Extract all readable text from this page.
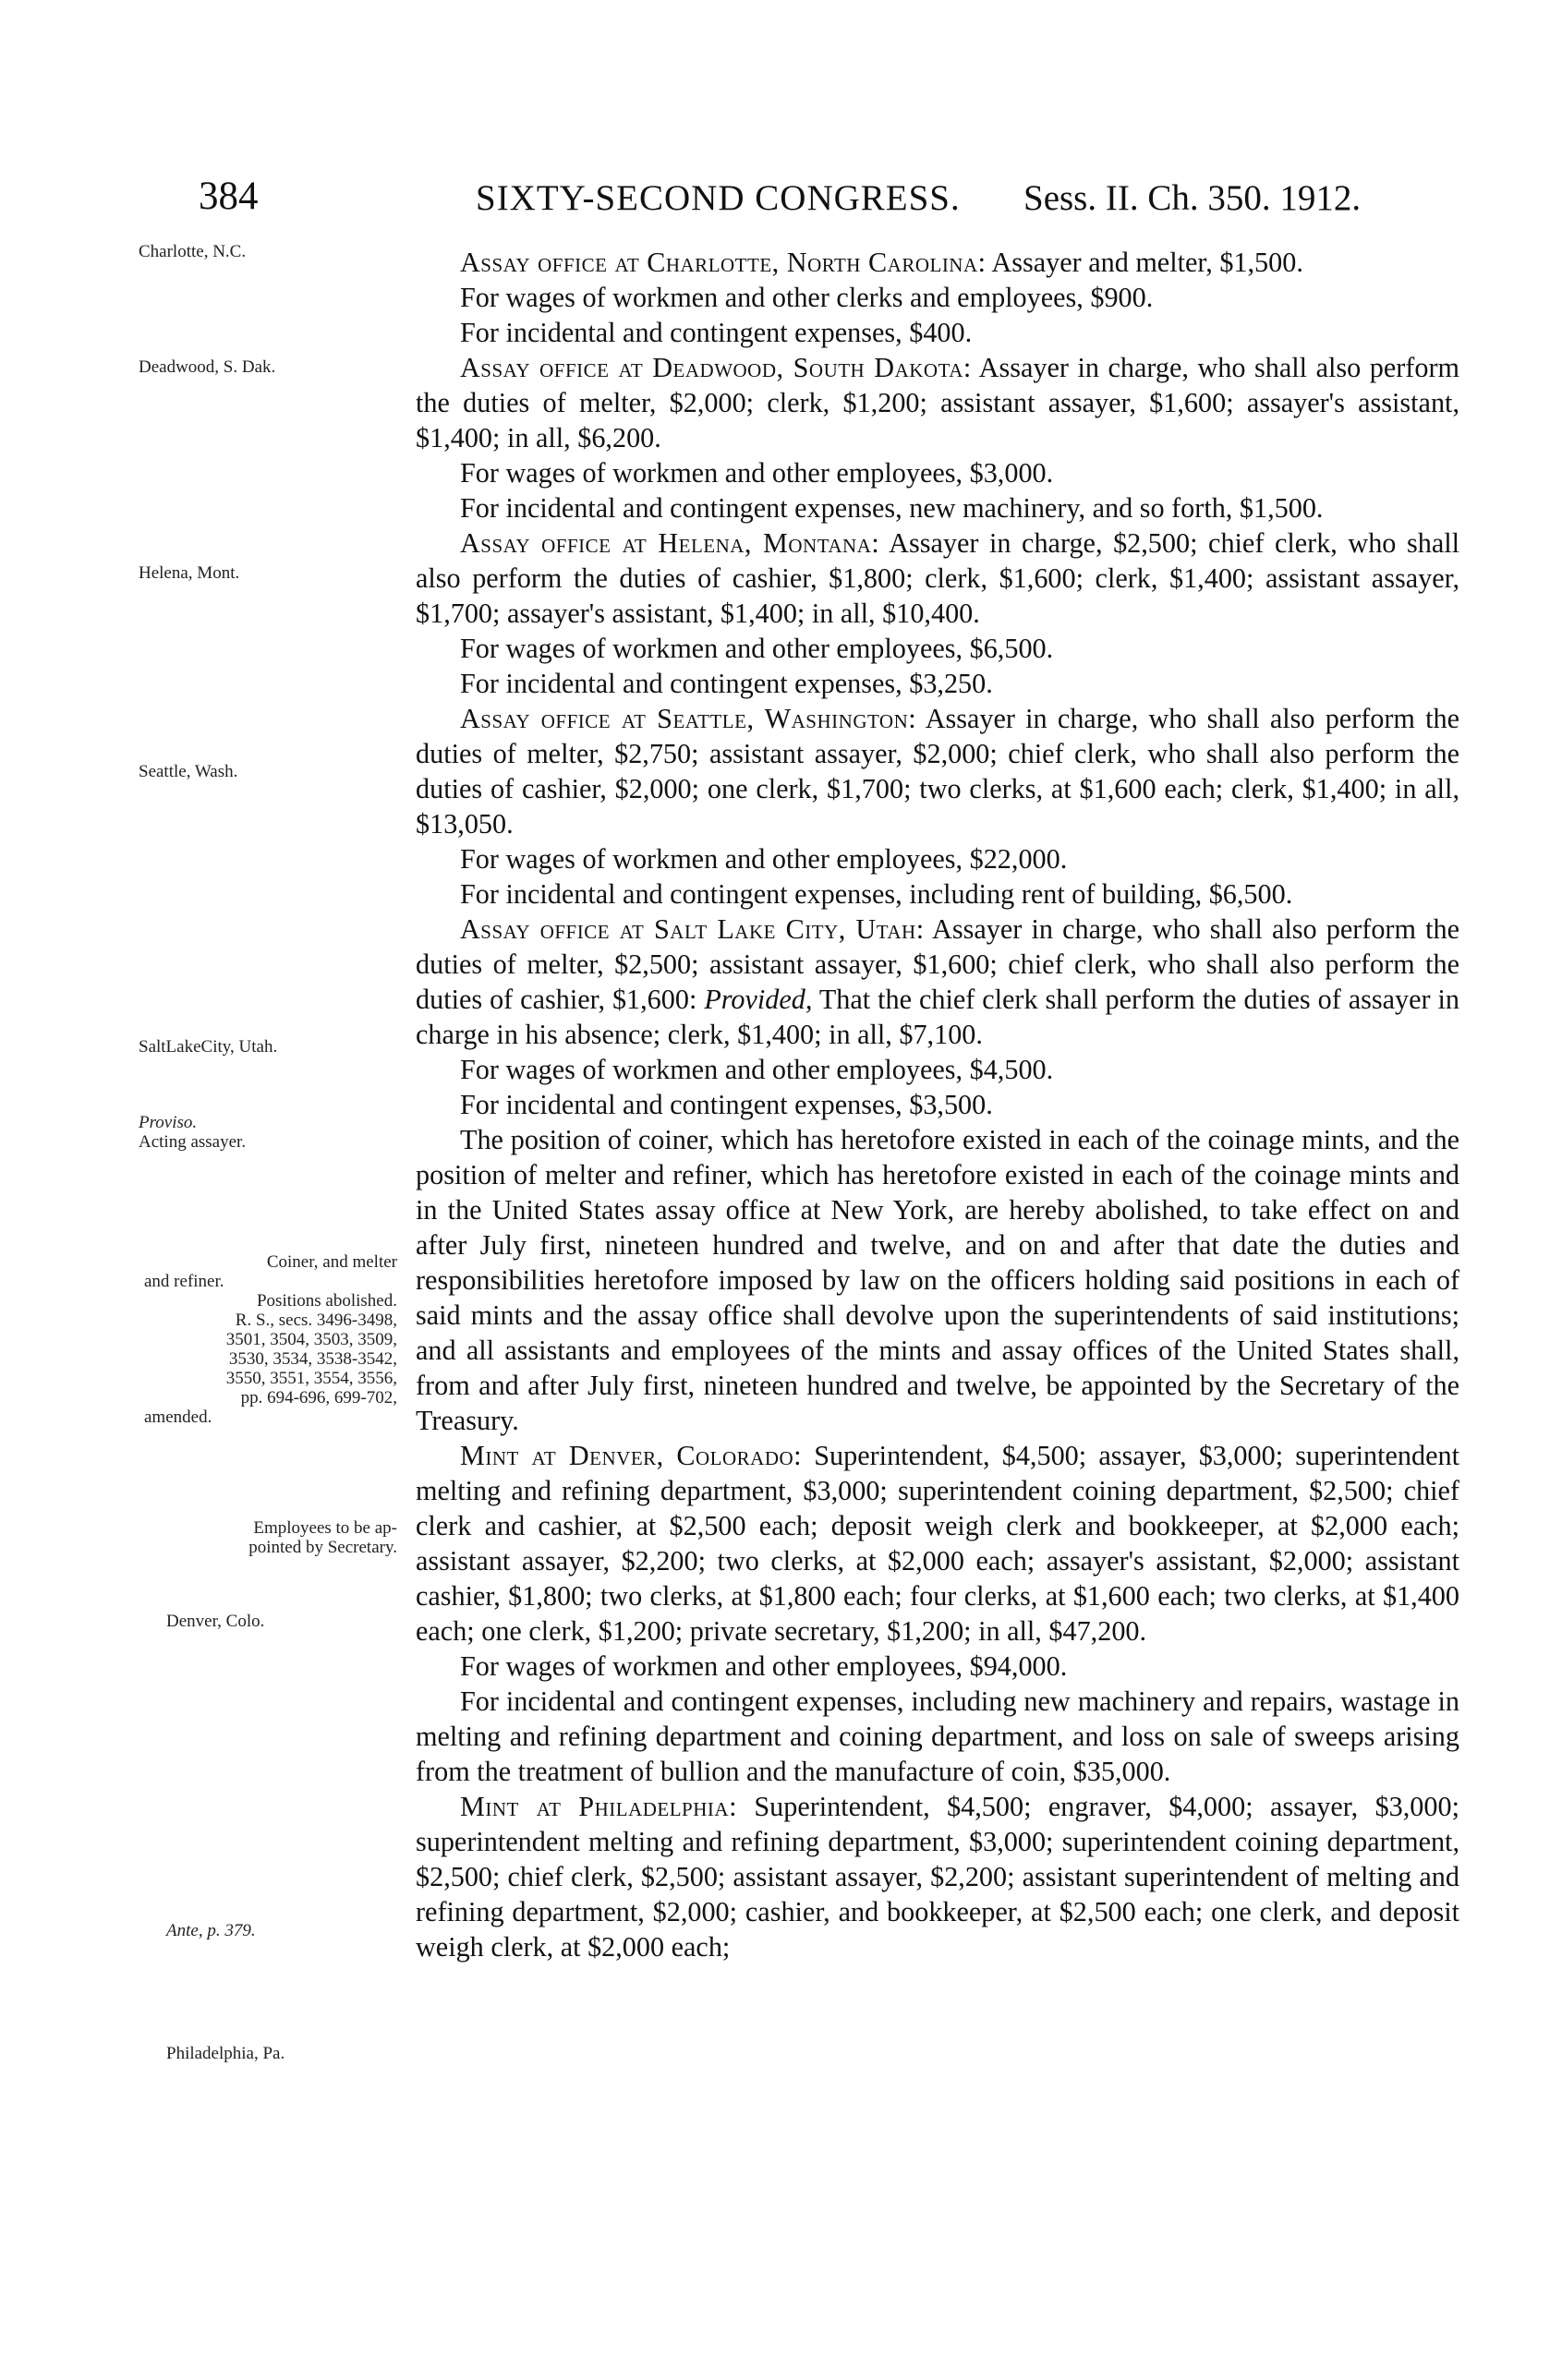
384	SIXTY-SECOND CONGRESS. Sess. II. Ch. 350. 1912.
Charlotte, N.C.
Deadwood, S. Dak.
Helena, Mont.
Seattle, Wash.
SaltLakeCity, Utah.
Proviso.
Acting assayer.
Coiner, and melter
and refiner.
Positions abolished.
R. S., secs. 3496-3498,
3501, 3504, 3503, 3509,
3530, 3534, 3538-3542,
3550, 3551, 3554, 3556,
pp. 694-696, 699-702,
amended.
Employees to be ap-
pointed by Secretary.
Denver, Colo.
Ante, p. 379.
Philadelphia, Pa.

Assay office at Charlotte, North Carolina: Assayer and melter, $1,500.

For wages of workmen and other clerks and employees, $900.

For incidental and contingent expenses, $400.

Assay office at Deadwood, South Dakota: Assayer in charge, who shall also perform the duties of melter, $2,000; clerk, $1,200; assistant assayer, $1,600; assayer's assistant, $1,400; in all, $6,200.

For wages of workmen and other employees, $3,000.

For incidental and contingent expenses, new machinery, and so forth, $1,500.

Assay office at Helena, Montana: Assayer in charge, $2,500; chief clerk, who shall also perform the duties of cashier, $1,800; clerk, $1,600; clerk, $1,400; assistant assayer, $1,700; assayer's assistant, $1,400; in all, $10,400.

For wages of workmen and other employees, $6,500.

For incidental and contingent expenses, $3,250.

Assay office at Seattle, Washington: Assayer in charge, who shall also perform the duties of melter, $2,750; assistant assayer, $2,000; chief clerk, who shall also perform the duties of cashier, $2,000; one clerk, $1,700; two clerks, at $1,600 each; clerk, $1,400; in all, $13,050.

For wages of workmen and other employees, $22,000.

For incidental and contingent expenses, including rent of building, $6,500.

Assay office at Salt Lake City, Utah: Assayer in charge, who shall also perform the duties of melter, $2,500; assistant assayer, $1,600; chief clerk, who shall also perform the duties of cashier, $1,600: Provided, That the chief clerk shall perform the duties of assayer in charge in his absence; clerk, $1,400; in all, $7,100.

For wages of workmen and other employees, $4,500.

For incidental and contingent expenses, $3,500.

The position of coiner, which has heretofore existed in each of the coinage mints, and the position of melter and refiner, which has heretofore existed in each of the coinage mints and in the United States assay office at New York, are hereby abolished, to take effect on and after July first, nineteen hundred and twelve, and on and after that date the duties and responsibilities heretofore imposed by law on the officers holding said positions in each of said mints and the assay office shall devolve upon the superintendents of said institutions; and all assistants and employees of the mints and assay offices of the United States shall, from and after July first, nineteen hundred and twelve, be appointed by the Secretary of the Treasury.

Mint at Denver, Colorado: Superintendent, $4,500; assayer, $3,000; superintendent melting and refining department, $3,000; superintendent coining department, $2,500; chief clerk and cashier, at $2,500 each; deposit weigh clerk and bookkeeper, at $2,000 each; assistant assayer, $2,200; two clerks, at $2,000 each; assayer's assistant, $2,000; assistant cashier, $1,800; two clerks, at $1,800 each; four clerks, at $1,600 each; two clerks, at $1,400 each; one clerk, $1,200; private secretary, $1,200; in all, $47,200.

For wages of workmen and other employees, $94,000.

For incidental and contingent expenses, including new machinery and repairs, wastage in melting and refining department and coining department, and loss on sale of sweeps arising from the treatment of bullion and the manufacture of coin, $35,000.

Mint at Philadelphia: Superintendent, $4,500; engraver, $4,000; assayer, $3,000; superintendent melting and refining department, $3,000; superintendent coining department, $2,500; chief clerk, $2,500; assistant assayer, $2,200; assistant superintendent of melting and refining department, $2,000; cashier, and bookkeeper, at $2,500 each; one clerk, and deposit weigh clerk, at $2,000 each;
